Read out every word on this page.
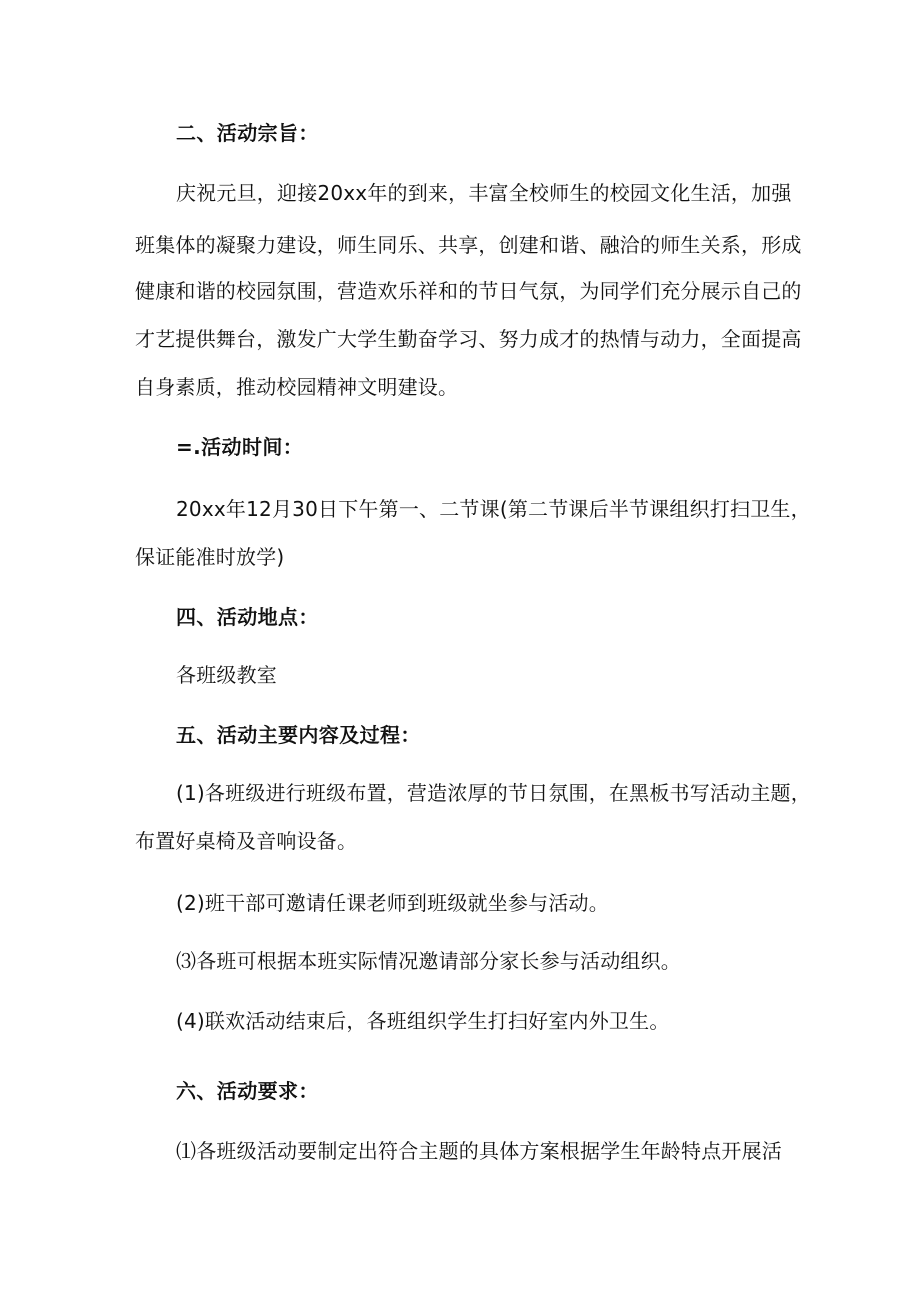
二、活动宗旨：
庆祝元旦，迎接20xx年的到来，丰富全校师生的校园文化生活，加强
班集体的凝聚力建设，师生同乐、共享，创建和谐、融洽的师生关系，形成
健康和谐的校园氛围，营造欢乐祥和的节日气氛，为同学们充分展示自己的
才艺提供舞台，激发广大学生勤奋学习、努力成才的热情与动力，全面提高
自身素质，推动校园精神文明建设。
=.活动时间：
20xx年12月30日下午第一、二节课(第二节课后半节课组织打扫卫生，
保证能准时放学)
四、活动地点：
各班级教室
五、活动主要内容及过程：
(1)各班级进行班级布置，营造浓厚的节日氛围，在黑板书写活动主题，
布置好桌椅及音响设备。
(2)班干部可邀请任课老师到班级就坐参与活动。
⑶各班可根据本班实际情况邀请部分家长参与活动组织。
(4)联欢活动结束后，各班组织学生打扫好室内外卫生。
六、活动要求：
⑴各班级活动要制定出符合主题的具体方案根据学生年龄特点开展活
